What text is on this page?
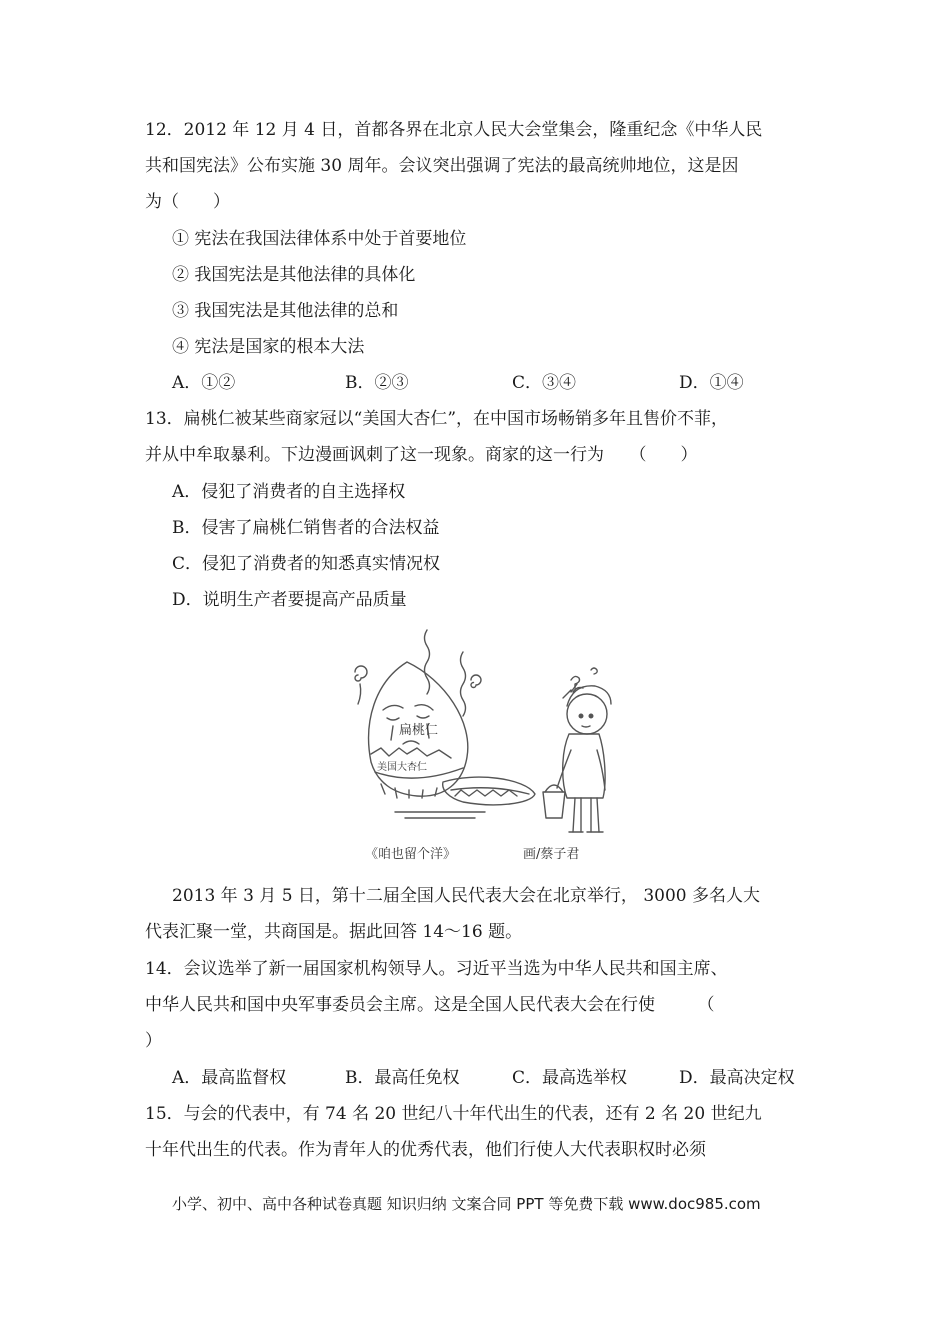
12．2012 年 12 月 4 日，首都各界在北京人民大会堂集会，隆重纪念《中华人民
共和国宪法》公布实施 30 周年。会议突出强调了宪法的最高统帅地位，这是因
为（　　）
① 宪法在我国法律体系中处于首要地位
② 我国宪法是其他法律的具体化
③ 我国宪法是其他法律的总和
④ 宪法是国家的根本大法
A．①②	B．②③	C．③④	D．①④
13．扁桃仁被某些商家冠以“美国大杏仁”，在中国市场畅销多年且售价不菲，
并从中牟取暴利。下边漫画讽刺了这一现象。商家的这一行为　　（　　）
A．侵犯了消费者的自主选择权
B．侵害了扁桃仁销售者的合法权益
C．侵犯了消费者的知悉真实情况权
D．说明生产者要提高产品质量
扁桃仁
美国大杏仁
《咱也留个洋》	画/蔡子君
2013 年 3 月 5 日，第十二届全国人民代表大会在北京举行， 3000 多名人大
代表汇聚一堂，共商国是。据此回答 14～16 题。
14．会议选举了新一届国家机构领导人。习近平当选为中华人民共和国主席、
中华人民共和国中央军事委员会主席。这是全国人民代表大会在行使　　　（
）
A．最高监督权	B．最高任免权	C．最高选举权	D．最高决定权
15．与会的代表中，有 74 名 20 世纪八十年代出生的代表，还有 2 名 20 世纪九
十年代出生的代表。作为青年人的优秀代表，他们行使人大代表职权时必须
小学、初中、高中各种试卷真题 知识归纳 文案合同 PPT 等免费下载 www.doc985.com
